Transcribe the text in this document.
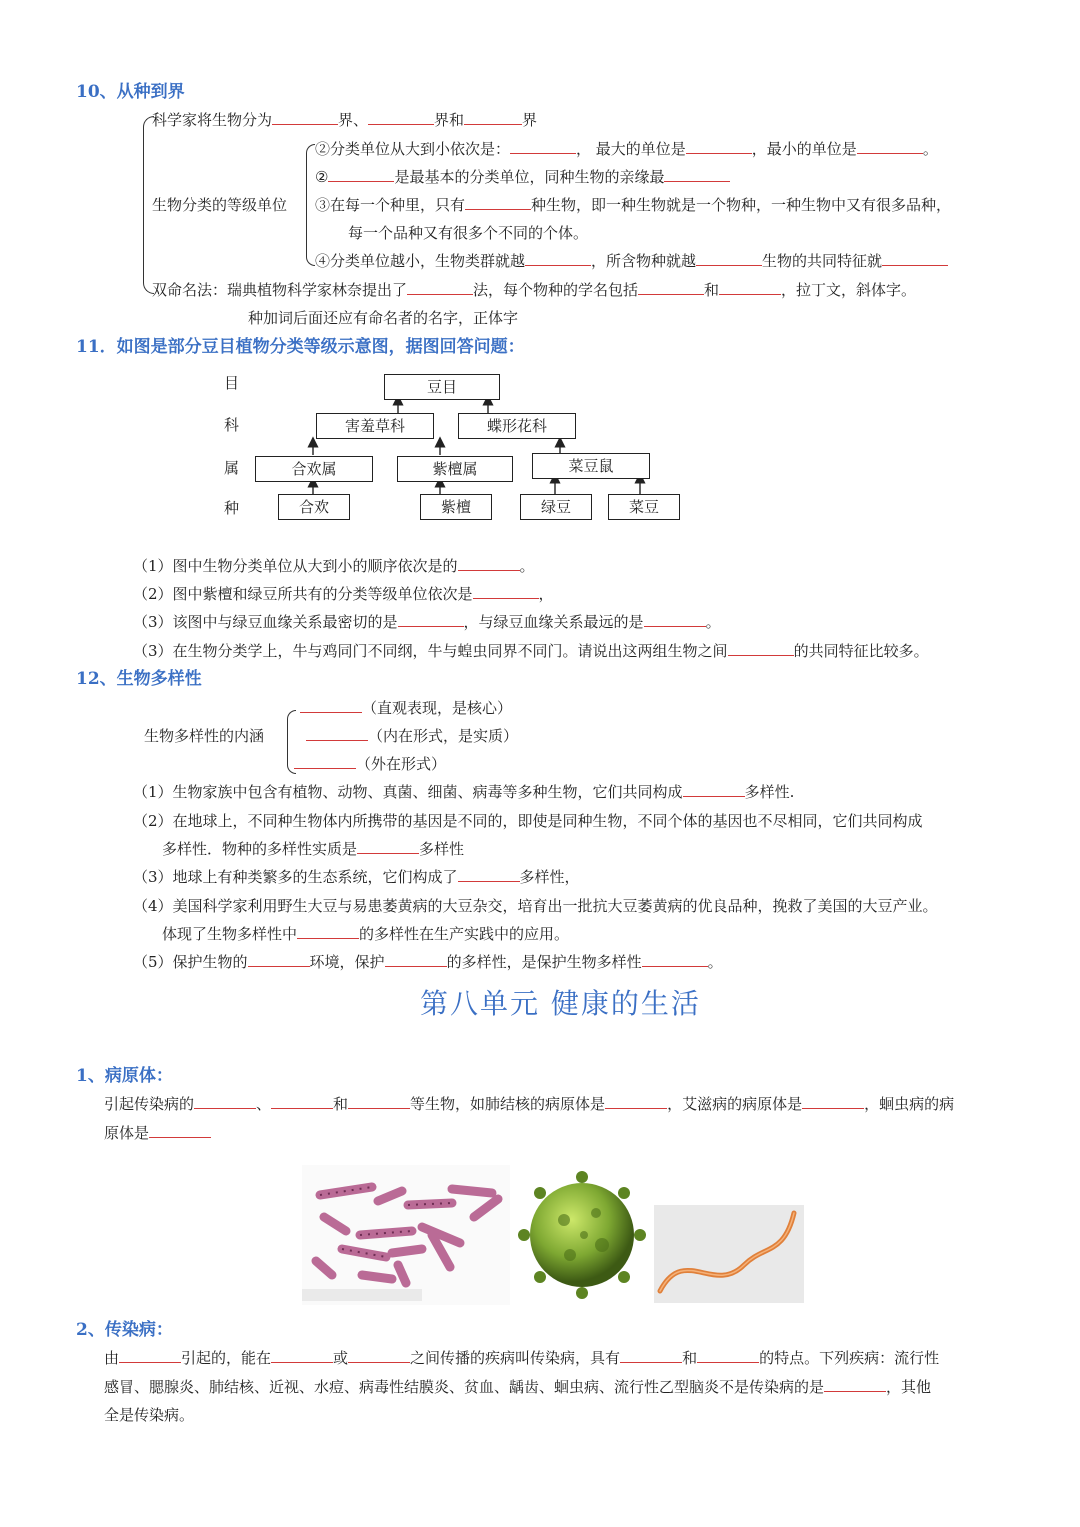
10、从种到界
科学家将生物分为	界、	界和	界
生物分类的等级单位
②分类单位从大到小依次是：	， 最大的单位是	，最小的单位是	。
②	是最基本的分类单位，同种生物的亲缘最
③在每一个种里，只有	种生物，即一种生物就是一个物种，一种生物中又有很多品种，
每一个品种又有很多个不同的个体。
④分类单位越小，生物类群就越	，所含物种就越	生物的共同特征就
双命名法：瑞典植物科学家林奈提出了	法，每个物种的学名包括	和	，拉丁文，斜体字。
种加词后面还应有命名者的名字，正体字
11．如图是部分豆目植物分类等级示意图，据图回答问题：
目
科
属
种
豆目
害羞草科	蝶形花科
合欢属	紫檀属	菜豆鼠
合欢	紫檀	绿豆	菜豆
（1）图中生物分类单位从大到小的顺序依次是的	。
（2）图中紫檀和绿豆所共有的分类等级单位依次是	，
（3）该图中与绿豆血缘关系最密切的是	，与绿豆血缘关系最远的是	。
（3）在生物分类学上，牛与鸡同门不同纲，牛与蝗虫同界不同门。请说出这两组生物之间	的共同特征比较多。
12、生物多样性
生物多样性的内涵
（直观表现，是核心）
（内在形式，是实质）
（外在形式）
（1）生物家族中包含有植物、动物、真菌、细菌、病毒等多种生物，它们共同构成	多样性.
（2）在地球上，不同种生物体内所携带的基因是不同的，即使是同种生物，不同个体的基因也不尽相同，它们共同构成
多样性．物种的多样性实质是	多样性
（3）地球上有种类繁多的生态系统，它们构成了	多样性，
（4）美国科学家利用野生大豆与易患萎黄病的大豆杂交，培育出一批抗大豆萎黄病的优良品种，挽救了美国的大豆产业。
体现了生物多样性中	的多样性在生产实践中的应用。
（5）保护生物的	环境，保护	的多样性，是保护生物多样性	。
第八单元 健康的生活
1、病原体：
引起传染病的	、	和	等生物，如肺结核的病原体是	，艾滋病的病原体是	，蛔虫病的病
原体是
2、传染病：
由	引起的，能在	或	之间传播的疾病叫传染病，具有	和	的特点。下列疾病：流行性
感冒、腮腺炎、肺结核、近视、水痘、病毒性结膜炎、贫血、龋齿、蛔虫病、流行性乙型脑炎不是传染病的是	，其他
全是传染病。
